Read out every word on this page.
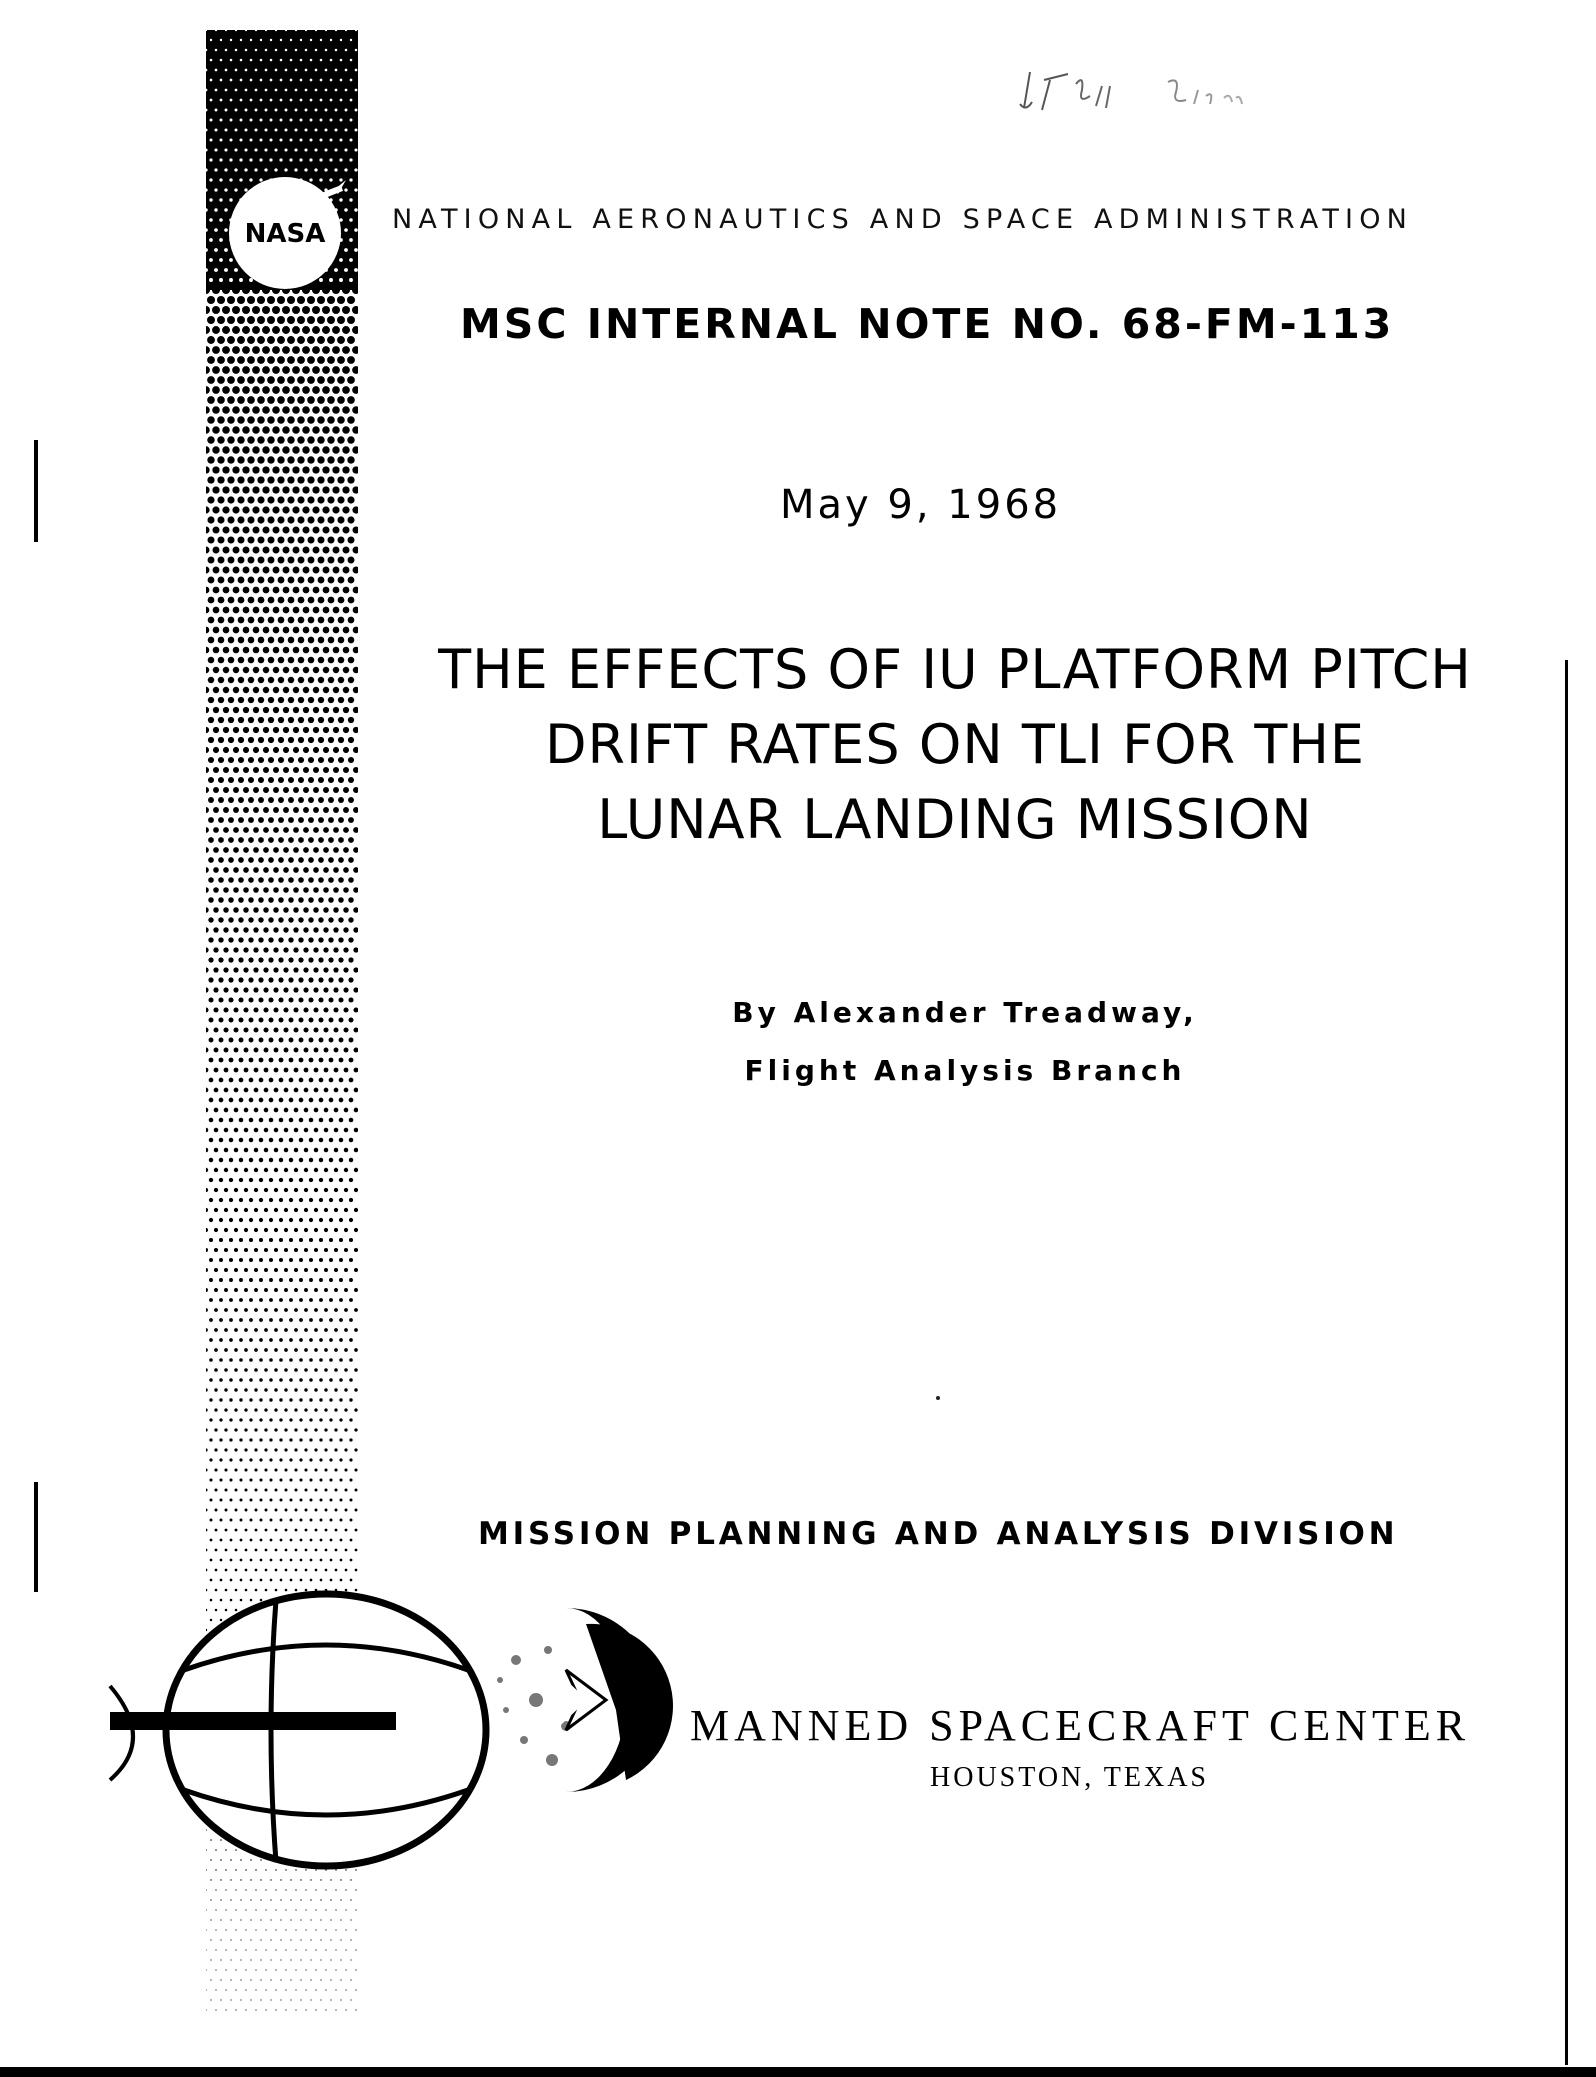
NASA NATIONAL AERONAUTICS AND SPACE ADMINISTRATION
MSC INTERNAL NOTE NO. 68-FM-113
May 9, 1968
THE EFFECTS OF IU PLATFORM PITCH
DRIFT RATES ON TLI FOR THE
LUNAR LANDING MISSION
By Alexander Treadway,
Flight Analysis Branch
MISSION PLANNING AND ANALYSIS DIVISION
MANNED SPACECRAFT CENTER
HOUSTON, TEXAS
